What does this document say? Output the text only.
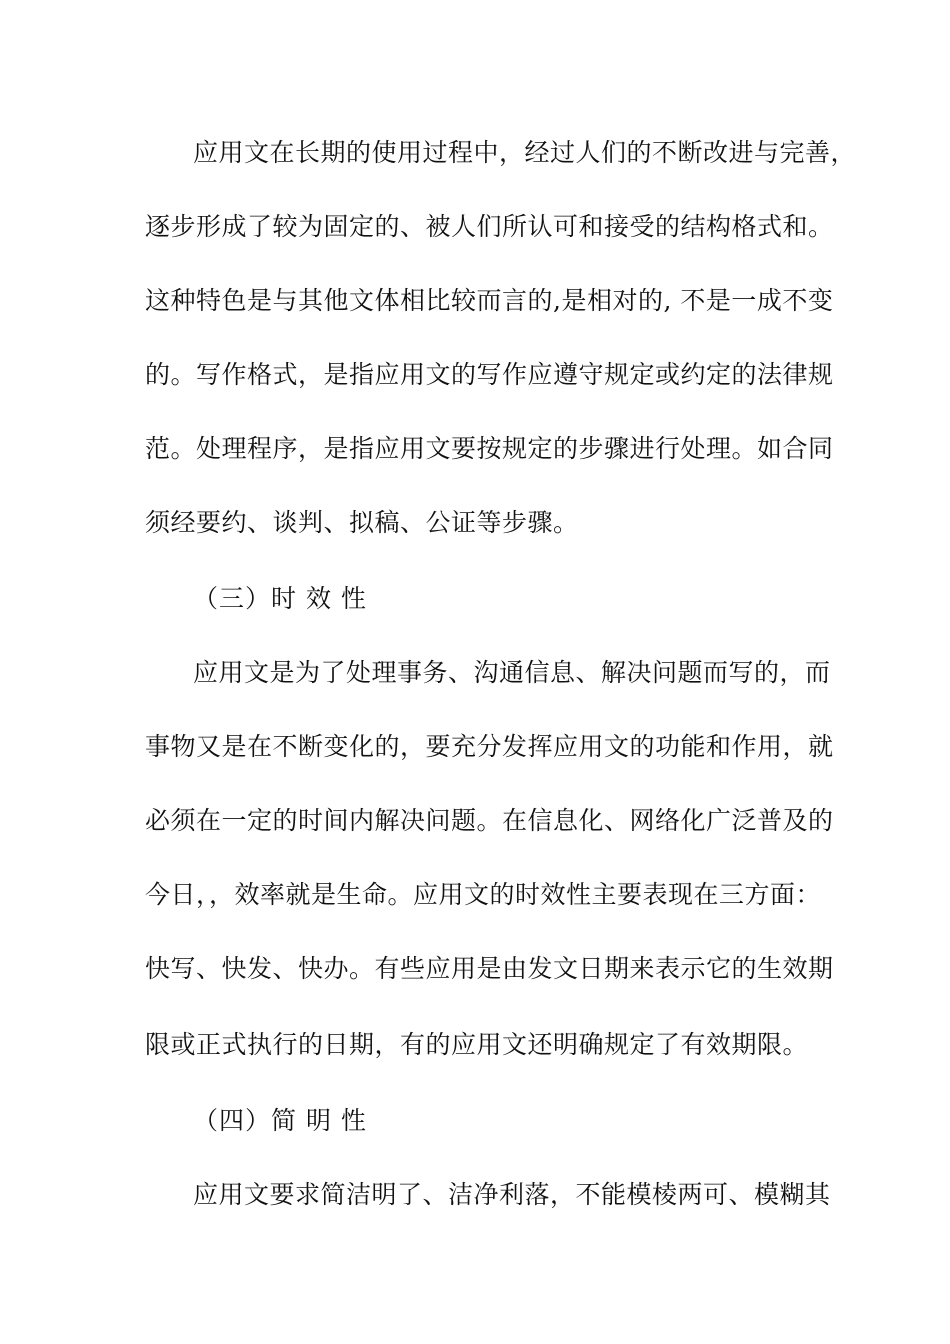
应用文在长期的使用过程中，经过人们的不断改进与完善，
逐步形成了较为固定的、被人们所认可和接受的结构格式和。
这种特色是与其他文体相比较而言的,是相对的, 不是一成不变
的。写作格式，是指应用文的写作应遵守规定或约定的法律规
范。处理程序，是指应用文要按规定的步骤进行处理。如合同
须经要约、谈判、拟稿、公证等步骤。
（三）时 效 性
应用文是为了处理事务、沟通信息、解决问题而写的，而
事物又是在不断变化的，要充分发挥应用文的功能和作用，就
必须在一定的时间内解决问题。在信息化、网络化广泛普及的
今日，，效率就是生命。应用文的时效性主要表现在三方面：
快写、快发、快办。有些应用是由发文日期来表示它的生效期
限或正式执行的日期，有的应用文还明确规定了有效期限。
（四）简 明 性
应用文要求简洁明了、洁净利落，不能模棱两可、模糊其
